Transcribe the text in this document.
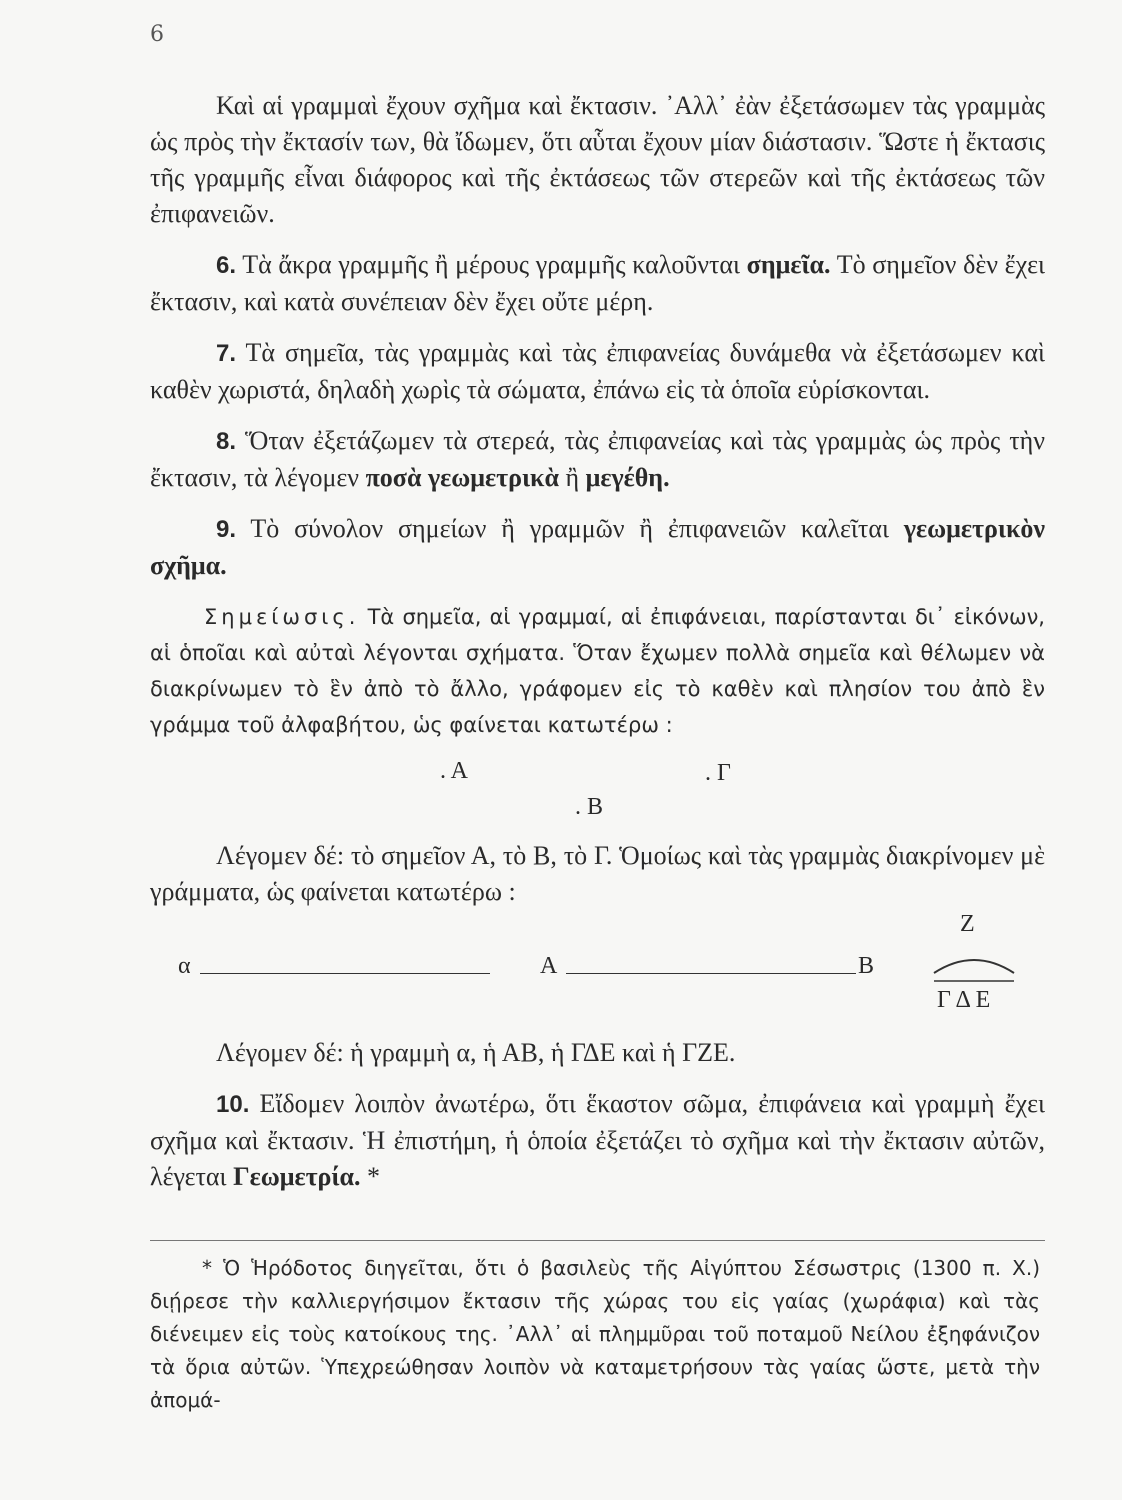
6

Καὶ αἱ γραμμαὶ ἔχουν σχῆμα καὶ ἔκτασιν. ᾿Αλλ᾿ ἐὰν ἐξετάσωμεν τὰς γραμμὰς ὡς πρὸς τὴν ἔκτασίν των, θὰ ἴδωμεν, ὅτι αὗται ἔχουν μίαν διάστασιν. Ὥστε ἡ ἔκτασις τῆς γραμμῆς εἶναι διάφορος καὶ τῆς ἐκτάσεως τῶν στερεῶν καὶ τῆς ἐκτάσεως τῶν ἐπιφανειῶν.

6. Τὰ ἄκρα γραμμῆς ἢ μέρους γραμμῆς καλοῦνται σημεῖα. Τὸ σημεῖον δὲν ἔχει ἔκτασιν, καὶ κατὰ συνέπειαν δὲν ἔχει οὔτε μέρη.

7. Τὰ σημεῖα, τὰς γραμμὰς καὶ τὰς ἐπιφανείας δυνάμεθα νὰ ἐξετάσωμεν καὶ καθὲν χωριστά, δηλαδὴ χωρὶς τὰ σώματα, ἐπάνω εἰς τὰ ὁποῖα εὑρίσκονται.

8. Ὅταν ἐξετάζωμεν τὰ στερεά, τὰς ἐπιφανείας καὶ τὰς γραμμὰς ὡς πρὸς τὴν ἔκτασιν, τὰ λέγομεν ποσὰ γεωμετρικὰ ἢ μεγέθη.

9. Τὸ σύνολον σημείων ἢ γραμμῶν ἢ ἐπιφανειῶν καλεῖται γεωμετρικὸν σχῆμα.

Σημείωσις. Τὰ σημεῖα, αἱ γραμμαί, αἱ ἐπιφάνειαι, παρίστανται δι᾿ εἰκόνων, αἱ ὁποῖαι καὶ αὐταὶ λέγονται σχήματα. Ὅταν ἔχωμεν πολλὰ σημεῖα καὶ θέλωμεν νὰ διακρίνωμεν τὸ ἓν ἀπὸ τὸ ἄλλο, γράφομεν εἰς τὸ καθὲν καὶ πλησίον του ἀπὸ ἓν γράμμα τοῦ ἀλφαβήτου, ὡς φαίνεται κατωτέρω :

. Α	. Γ
. Β

Λέγομεν δέ: τὸ σημεῖον Α, τὸ Β, τὸ Γ. Ὁμοίως καὶ τὰς γραμμὰς διακρίνομεν μὲ γράμματα, ὡς φαίνεται κατωτέρω :

α	Α	Β
Ζ
Γ Δ Ε

Λέγομεν δέ: ἡ γραμμὴ α, ἡ ΑΒ, ἡ ΓΔΕ καὶ ἡ ΓΖΕ.

10. Εἴδομεν λοιπὸν ἀνωτέρω, ὅτι ἕκαστον σῶμα, ἐπιφάνεια καὶ γραμμὴ ἔχει σχῆμα καὶ ἔκτασιν. Ἡ ἐπιστήμη, ἡ ὁποία ἐξετάζει τὸ σχῆμα καὶ τὴν ἔκτασιν αὐτῶν, λέγεται Γεωμετρία. *

* Ὁ Ἡρόδοτος διηγεῖται, ὅτι ὁ βασιλεὺς τῆς Αἰγύπτου Σέσωστρις (1300 π. Χ.) διῄρεσε τὴν καλλιεργήσιμον ἔκτασιν τῆς χώρας του εἰς γαίας (χωράφια) καὶ τὰς διένειμεν εἰς τοὺς κατοίκους της. ᾿Αλλ᾿ αἱ πλημμῦραι τοῦ ποταμοῦ Νείλου ἐξηφάνιζον τὰ ὅρια αὐτῶν. Ὑπεχρεώθησαν λοιπὸν νὰ καταμετρήσουν τὰς γαίας ὥστε, μετὰ τὴν ἀπομά-
